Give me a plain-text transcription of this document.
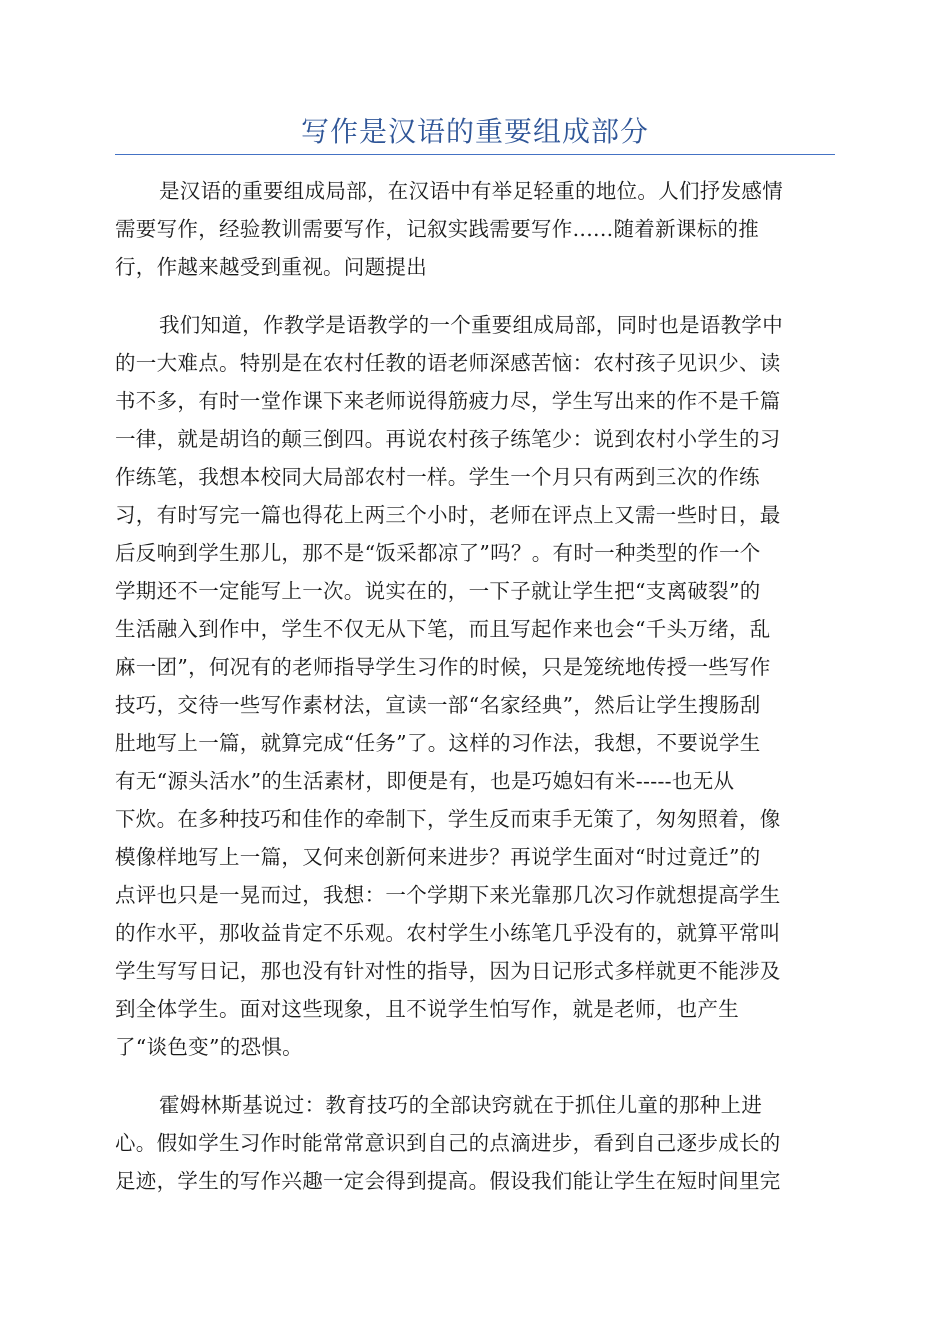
写作是汉语的重要组成部分

是汉语的重要组成局部，在汉语中有举足轻重的地位。人们抒发感情
需要写作，经验教训需要写作，记叙实践需要写作......随着新课标的推
行，作越来越受到重视。问题提出

我们知道，作教学是语教学的一个重要组成局部，同时也是语教学中
的一大难点。特别是在农村任教的语老师深感苦恼：农村孩子见识少、读
书不多，有时一堂作课下来老师说得筋疲力尽，学生写出来的作不是千篇
一律，就是胡诌的颠三倒四。再说农村孩子练笔少：说到农村小学生的习
作练笔，我想本校同大局部农村一样。学生一个月只有两到三次的作练
习，有时写完一篇也得花上两三个小时，老师在评点上又需一些时日，最
后反响到学生那儿，那不是“饭采都凉了”吗？。有时一种类型的作一个
学期还不一定能写上一次。说实在的，一下子就让学生把“支离破裂”的
生活融入到作中，学生不仅无从下笔，而且写起作来也会“千头万绪，乱
麻一团”，何况有的老师指导学生习作的时候，只是笼统地传授一些写作
技巧，交待一些写作素材法，宣读一部“名家经典”，然后让学生搜肠刮
肚地写上一篇，就算完成“任务”了。这样的习作法，我想，不要说学生
有无“源头活水”的生活素材，即便是有，也是巧媳妇有米-----也无从
下炊。在多种技巧和佳作的牵制下，学生反而束手无策了，匆匆照着，像
模像样地写上一篇，又何来创新何来进步？再说学生面对“时过竟迁”的
点评也只是一晃而过，我想：一个学期下来光靠那几次习作就想提高学生
的作水平，那收益肯定不乐观。农村学生小练笔几乎没有的，就算平常叫
学生写写日记，那也没有针对性的指导，因为日记形式多样就更不能涉及
到全体学生。面对这些现象，且不说学生怕写作，就是老师，也产生
了“谈色变”的恐惧。

霍姆林斯基说过：教育技巧的全部诀窍就在于抓住儿童的那种上进
心。假如学生习作时能常常意识到自己的点滴进步，看到自己逐步成长的
足迹，学生的写作兴趣一定会得到提高。假设我们能让学生在短时间里完
